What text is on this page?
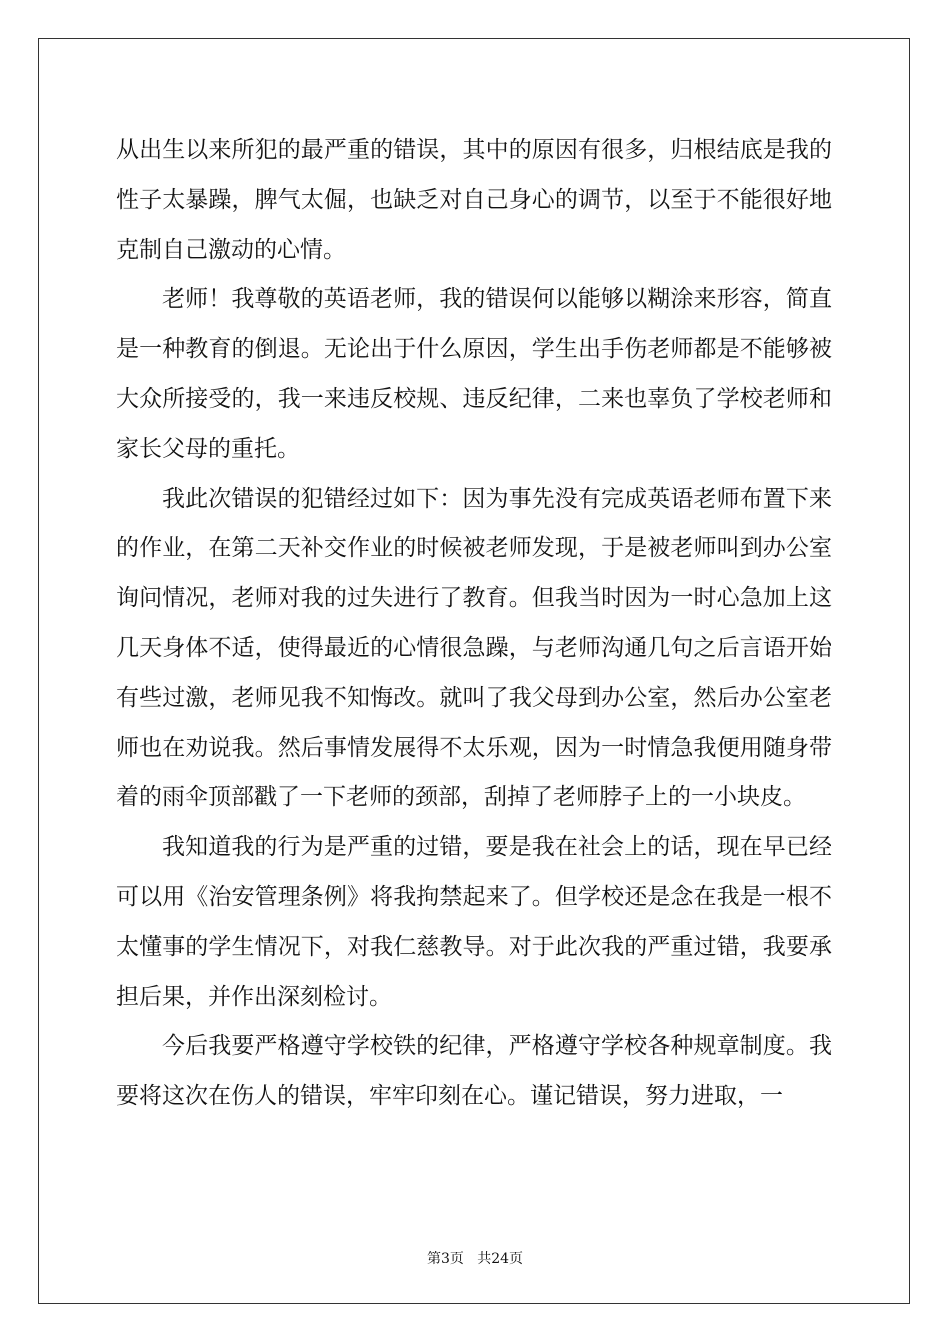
从出生以来所犯的最严重的错误，其中的原因有很多，归根结底是我的性子太暴躁，脾气太倔，也缺乏对自己身心的调节，以至于不能很好地克制自己激动的心情。

老师！我尊敬的英语老师，我的错误何以能够以糊涂来形容，简直是一种教育的倒退。无论出于什么原因，学生出手伤老师都是不能够被大众所接受的，我一来违反校规、违反纪律，二来也辜负了学校老师和家长父母的重托。

我此次错误的犯错经过如下：因为事先没有完成英语老师布置下来的作业，在第二天补交作业的时候被老师发现，于是被老师叫到办公室询问情况，老师对我的过失进行了教育。但我当时因为一时心急加上这几天身体不适，使得最近的心情很急躁，与老师沟通几句之后言语开始有些过激，老师见我不知悔改。就叫了我父母到办公室，然后办公室老师也在劝说我。然后事情发展得不太乐观，因为一时情急我便用随身带着的雨伞顶部戳了一下老师的颈部，刮掉了老师脖子上的一小块皮。

我知道我的行为是严重的过错，要是我在社会上的话，现在早已经可以用《治安管理条例》将我拘禁起来了。但学校还是念在我是一根不太懂事的学生情况下，对我仁慈教导。对于此次我的严重过错，我要承担后果，并作出深刻检讨。

今后我要严格遵守学校铁的纪律，严格遵守学校各种规章制度。我要将这次在伤人的错误，牢牢印刻在心。谨记错误，努力进取，一

第3页   共24页
